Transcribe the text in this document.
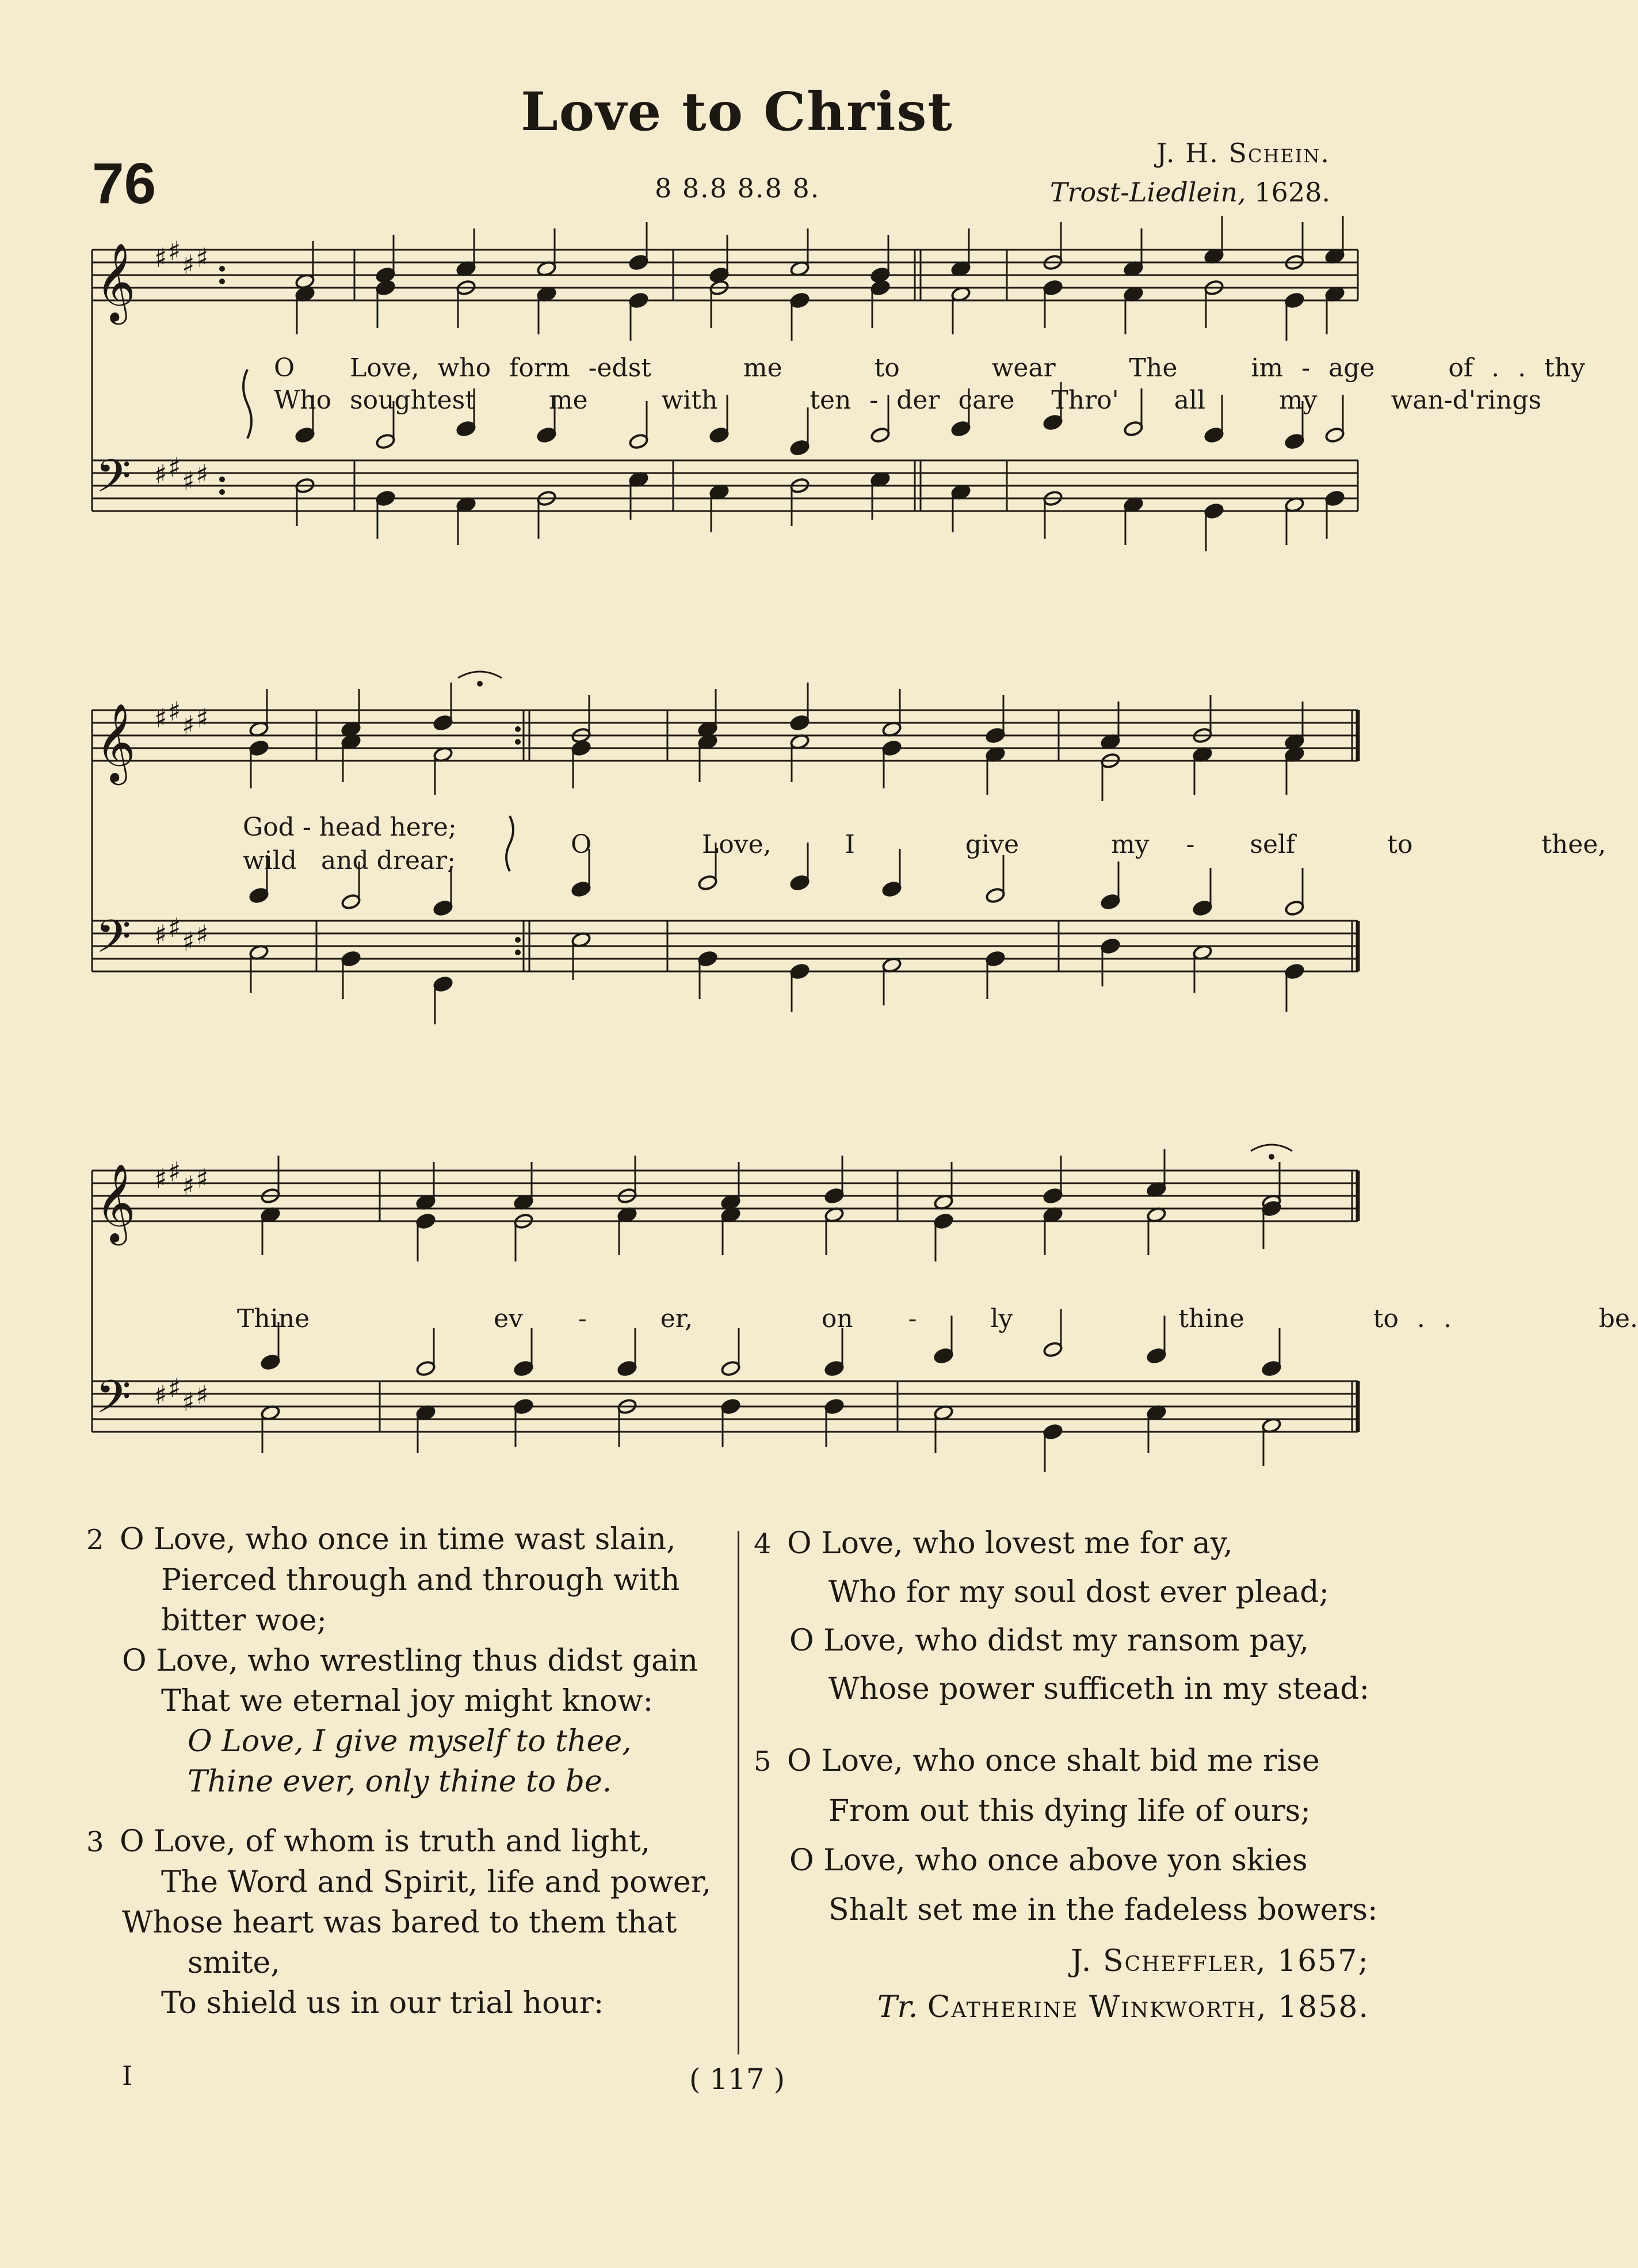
Love to Christ
76	8 8.8 8.8 8.
J. H. Schein.
Trost-Liedlein, 1628.
𝄞
𝄢
♯ ♯ ♯ ♯
♯ ♯ ♯ ♯
O Love, who form -edst	me	to	wear	The	im - age	of . . thy
Who soughtest	me	with	ten - der care Thro' all	my	wan-d'rings
𝄞
𝄢
♯ ♯ ♯ ♯
♯ ♯ ♯ ♯
God - head here;
wild and drear;
O	Love,	I	give	my - self	to	thee,
𝄞
𝄢
♯ ♯ ♯ ♯
♯ ♯ ♯ ♯
Thine	ev -	er,	on -	ly	thine	to . .	be.
2 O Love, who once in time wast slain,
Pierced through and through with
bitter woe;
O Love, who wrestling thus didst gain
That we eternal joy might know:
O Love, I give myself to thee,
Thine ever, only thine to be.
3 O Love, of whom is truth and light,
The Word and Spirit, life and power,
Whose heart was bared to them that
smite,
To shield us in our trial hour:
4 O Love, who lovest me for ay,
Who for my soul dost ever plead;
O Love, who didst my ransom pay,
Whose power sufficeth in my stead:
5 O Love, who once shalt bid me rise
From out this dying life of ours;
O Love, who once above yon skies
Shalt set me in the fadeless bowers:
J. Scheffler, 1657;
Tr. Catherine Winkworth, 1858.
I	( 117 )
